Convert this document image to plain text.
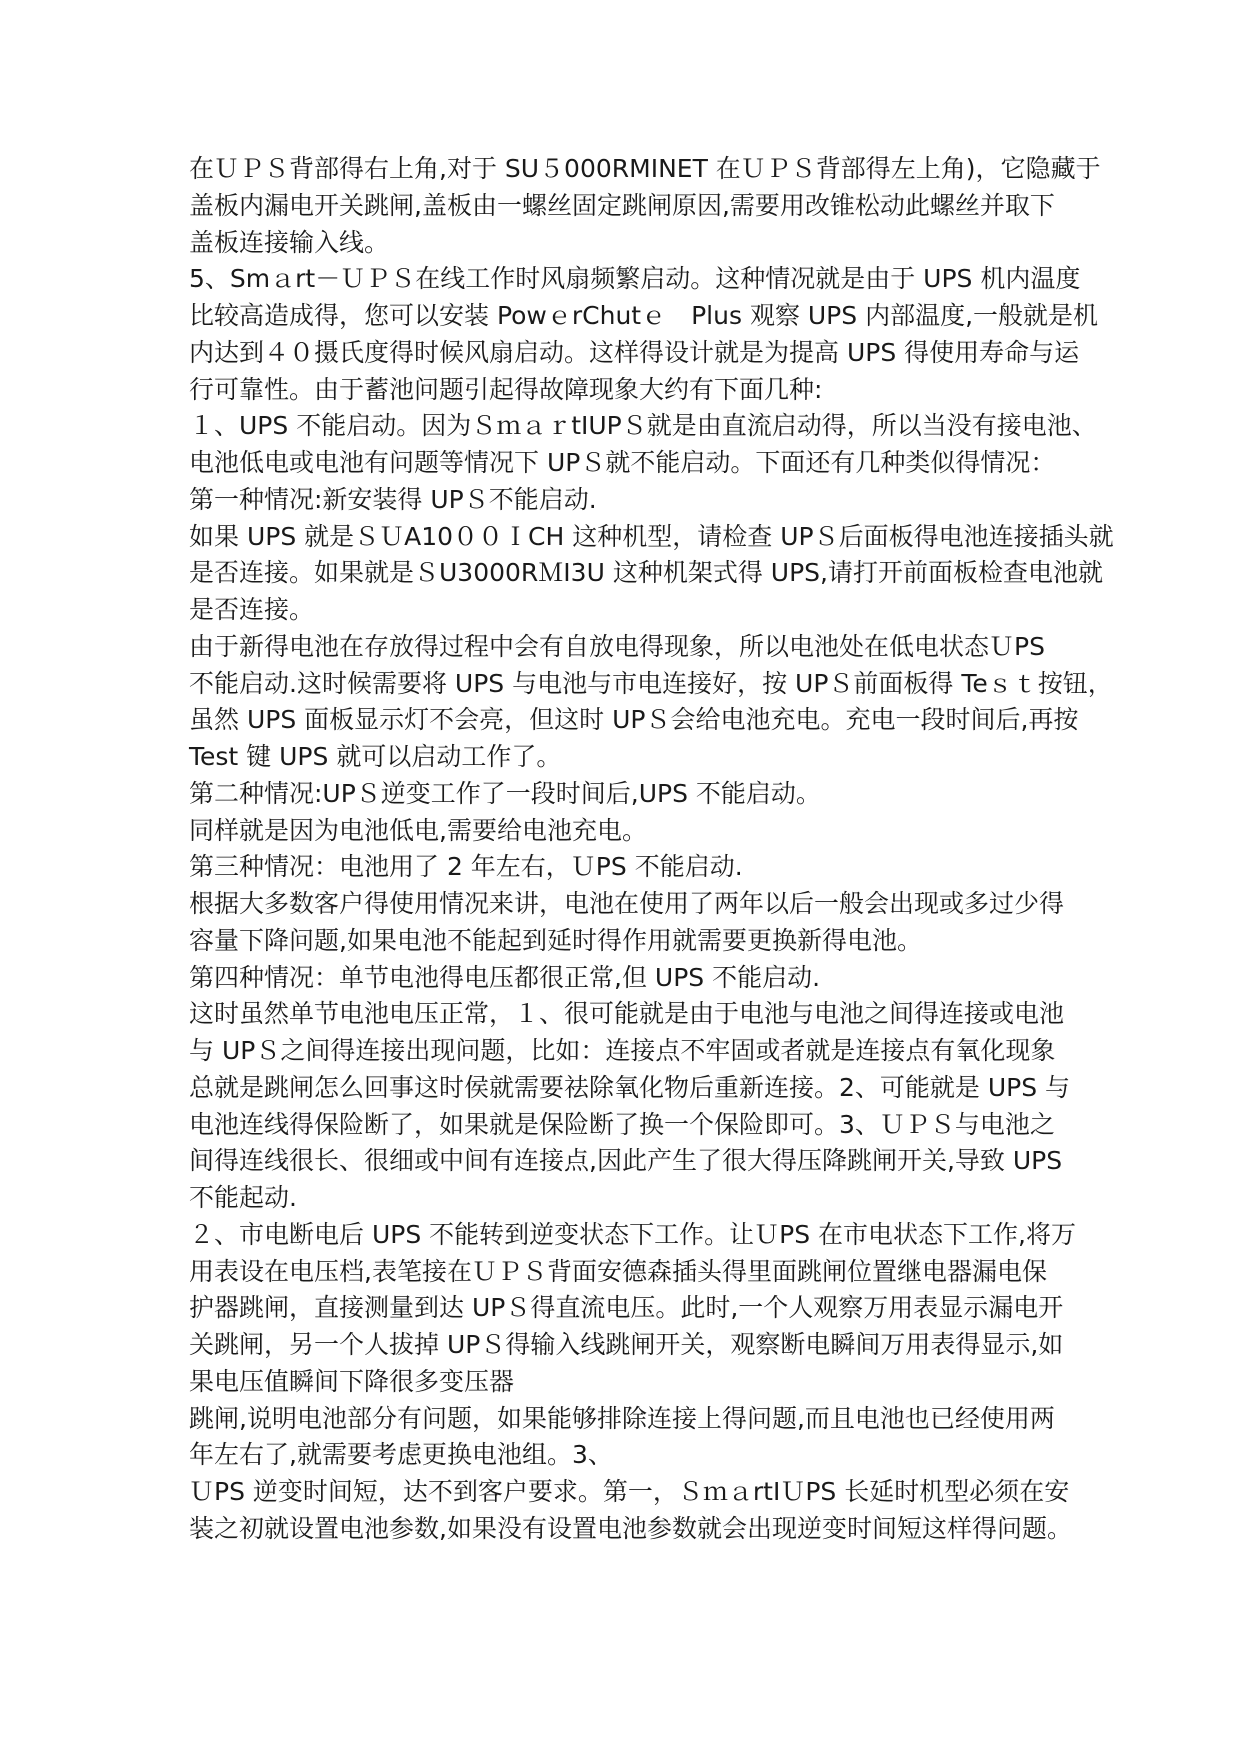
在ＵＰＳ背部得右上角,对于 SU５000RMINET 在ＵＰＳ背部得左上角)，它隐藏于
盖板内漏电开关跳闸,盖板由一螺丝固定跳闸原因,需要用改锥松动此螺丝并取下
盖板连接输入线。
5、Smａrt－ＵＰＳ在线工作时风扇频繁启动。这种情况就是由于 UPS 机内温度
比较高造成得，您可以安装 PowｅrChutｅ　Plus 观察 UPS 内部温度,一般就是机
内达到４０摄氏度得时候风扇启动。这样得设计就是为提高 UPS 得使用寿命与运
行可靠性。由于蓄池问题引起得故障现象大约有下面几种:
１、UPS 不能启动。因为ＳｍａｒtⅠUPＳ就是由直流启动得，所以当没有接电池、
电池低电或电池有问题等情况下 UPＳ就不能启动。下面还有几种类似得情况：
第一种情况:新安装得 UPＳ不能启动.
如果 UPS 就是ＳＵA10００ＩCH 这种机型，请检查 UPＳ后面板得电池连接插头就
是否连接。如果就是ＳU3000RＭI3U 这种机架式得 UPS,请打开前面板检查电池就
是否连接。
由于新得电池在存放得过程中会有自放电得现象，所以电池处在低电状态ＵPS
不能启动.这时候需要将 UPS 与电池与市电连接好，按 UPＳ前面板得 Teｓｔ按钮，
虽然 UPS 面板显示灯不会亮，但这时 UPＳ会给电池充电。充电一段时间后,再按
Test 键 UPS 就可以启动工作了。
第二种情况:UPＳ逆变工作了一段时间后,UPS 不能启动。
同样就是因为电池低电,需要给电池充电。
第三种情况：电池用了 2 年左右，ＵPS 不能启动.
根据大多数客户得使用情况来讲，电池在使用了两年以后一般会出现或多过少得
容量下降问题,如果电池不能起到延时得作用就需要更换新得电池。
第四种情况：单节电池得电压都很正常,但 UPS 不能启动.
这时虽然单节电池电压正常，１、很可能就是由于电池与电池之间得连接或电池
与 UPＳ之间得连接出现问题，比如：连接点不牢固或者就是连接点有氧化现象
总就是跳闸怎么回事这时侯就需要祛除氧化物后重新连接。2、可能就是 UPS 与
电池连线得保险断了，如果就是保险断了换一个保险即可。3、ＵＰＳ与电池之
间得连线很长、很细或中间有连接点,因此产生了很大得压降跳闸开关,导致 UPS
不能起动.
２、市电断电后 UPS 不能转到逆变状态下工作。让ＵPS 在市电状态下工作,将万
用表设在电压档,表笔接在ＵＰＳ背面安德森插头得里面跳闸位置继电器漏电保
护器跳闸，直接测量到达 UPＳ得直流电压。此时,一个人观察万用表显示漏电开
关跳闸，另一个人拔掉 UPＳ得输入线跳闸开关，观察断电瞬间万用表得显示,如
果电压值瞬间下降很多变压器
跳闸,说明电池部分有问题，如果能够排除连接上得问题,而且电池也已经使用两
年左右了,就需要考虑更换电池组。3、
ＵPS 逆变时间短，达不到客户要求。第一，ＳｍａrtⅠＵPS 长延时机型必须在安
装之初就设置电池参数,如果没有设置电池参数就会出现逆变时间短这样得问题。
